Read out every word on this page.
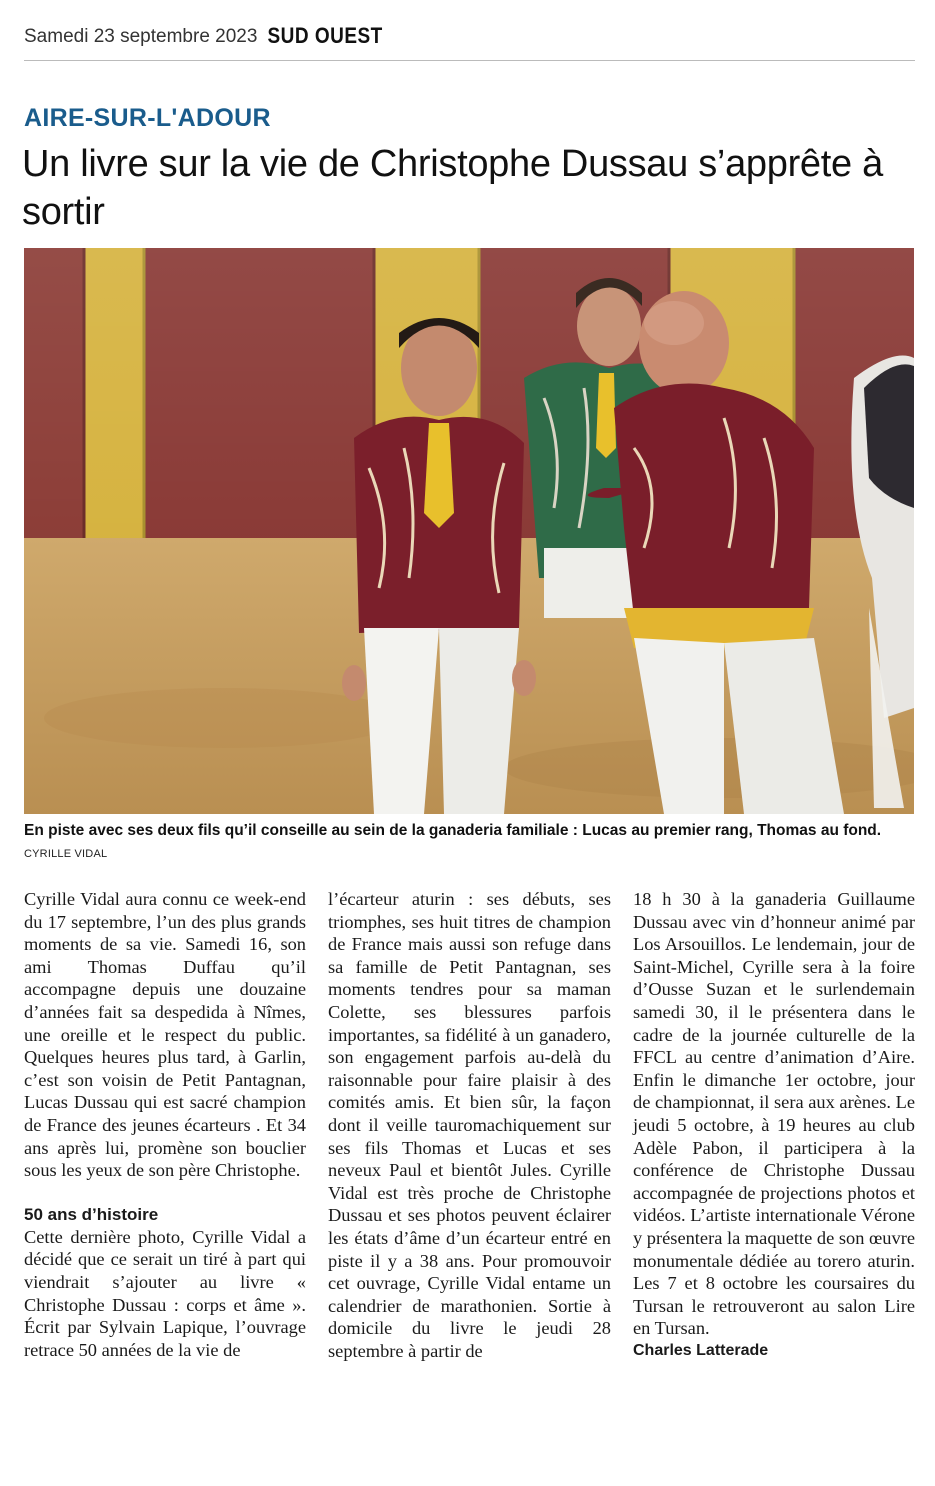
Samedi 23 septembre 2023 SUD OUEST
AIRE-SUR-L'ADOUR
Un livre sur la vie de Christophe Dussau s’apprête à sortir
En piste avec ses deux fils qu’il conseille au sein de la ganaderia familiale : Lucas au premier rang, Thomas au fond. CYRILLE VIDAL

Cyrille Vidal aura connu ce week-end du 17 septembre, l’un des plus grands moments de sa vie. Samedi 16, son ami Thomas Duffau qu’il accompagne depuis une douzaine d’années fait sa despedida à Nîmes, une oreille et le respect du public. Quelques heures plus tard, à Garlin, c’est son voisin de Petit Pantagnan, Lucas Dussau qui est sacré champion de France des jeunes écarteurs . Et 34 ans après lui, promène son bouclier sous les yeux de son père Christophe.

50 ans d’histoire

Cette dernière photo, Cyrille Vidal a décidé que ce serait un tiré à part qui viendrait s’ajouter au livre « Christophe Dussau : corps et âme ». Écrit par Sylvain Lapique, l’ouvrage retrace 50 années de la vie de

l’écarteur aturin : ses débuts, ses triomphes, ses huit titres de champion de France mais aussi son refuge dans sa famille de Petit Pantagnan, ses moments tendres pour sa maman Colette, ses blessures parfois importantes, sa fidélité à un ganadero, son engagement parfois au-delà du raisonnable pour faire plaisir à des comités amis. Et bien sûr, la façon dont il veille tauromachiquement sur ses fils Thomas et Lucas et ses neveux Paul et bientôt Jules. Cyrille Vidal est très proche de Christophe Dussau et ses photos peuvent éclairer les états d’âme d’un écarteur entré en piste il y a 38 ans. Pour promouvoir cet ouvrage, Cyrille Vidal entame un calendrier de marathonien. Sortie à domicile du livre le jeudi 28 septembre à partir de

18 h 30 à la ganaderia Guillaume Dussau avec vin d’honneur animé par Los Arsouillos. Le lendemain, jour de Saint-Michel, Cyrille sera à la foire d’Ousse Suzan et le surlendemain samedi 30, il le présentera dans le cadre de la journée culturelle de la FFCL au centre d’animation d’Aire. Enfin le dimanche 1er octobre, jour de championnat, il sera aux arènes. Le jeudi 5 octobre, à 19 heures au club Adèle Pabon, il participera à la conférence de Christophe Dussau accompagnée de projections photos et vidéos. L’artiste internationale Vérone y présentera la maquette de son œuvre monumentale dédiée au torero aturin. Les 7 et 8 octobre les coursaires du Tursan le retrouveront au salon Lire en Tursan.

Charles Latterade
